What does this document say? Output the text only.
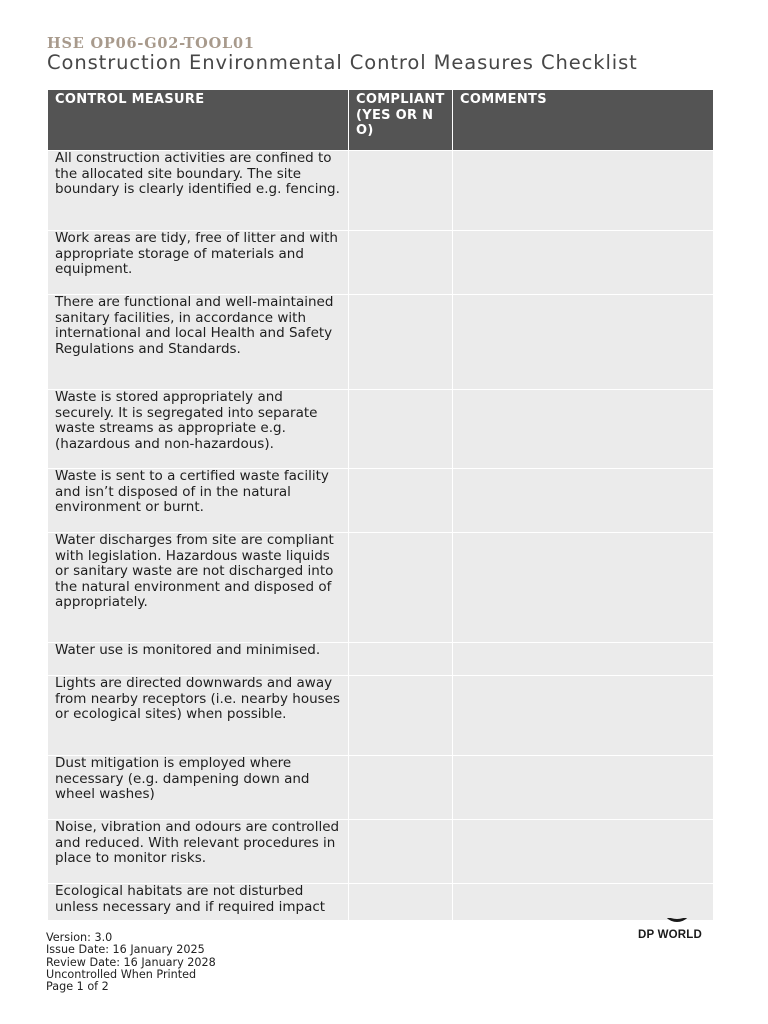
HSE OP06-G02-TOOL01
Construction Environmental Control Measures Checklist
CONTROL MEASURE	COMPLIANT (YES OR NO)	COMMENTS
All construction activities are confined to the allocated site boundary. The site boundary is clearly identified e.g. fencing.		
Work areas are tidy, free of litter and with appropriate storage of materials and equipment.		
There are functional and well-maintained sanitary facilities, in accordance with international and local Health and Safety Regulations and Standards.		
Waste is stored appropriately and securely. It is segregated into separate waste streams as appropriate e.g. (hazardous and non-hazardous).		
Waste is sent to a certified waste facility and isn’t disposed of in the natural environment or burnt.		
Water discharges from site are compliant with legislation. Hazardous waste liquids or sanitary waste are not discharged into the natural environment and disposed of appropriately.		
Water use is monitored and minimised.		
Lights are directed downwards and away from nearby receptors (i.e. nearby houses or ecological sites) when possible.		
Dust mitigation is employed where necessary (e.g. dampening down and wheel washes)		
Noise, vibration and odours are controlled and reduced. With relevant procedures in place to monitor risks.		
Ecological habitats are not disturbed unless necessary and if required impact		
Version: 3.0
Issue Date: 16 January 2025
Review Date: 16 January 2028
Uncontrolled When Printed
Page 1 of 2
DP WORLD
